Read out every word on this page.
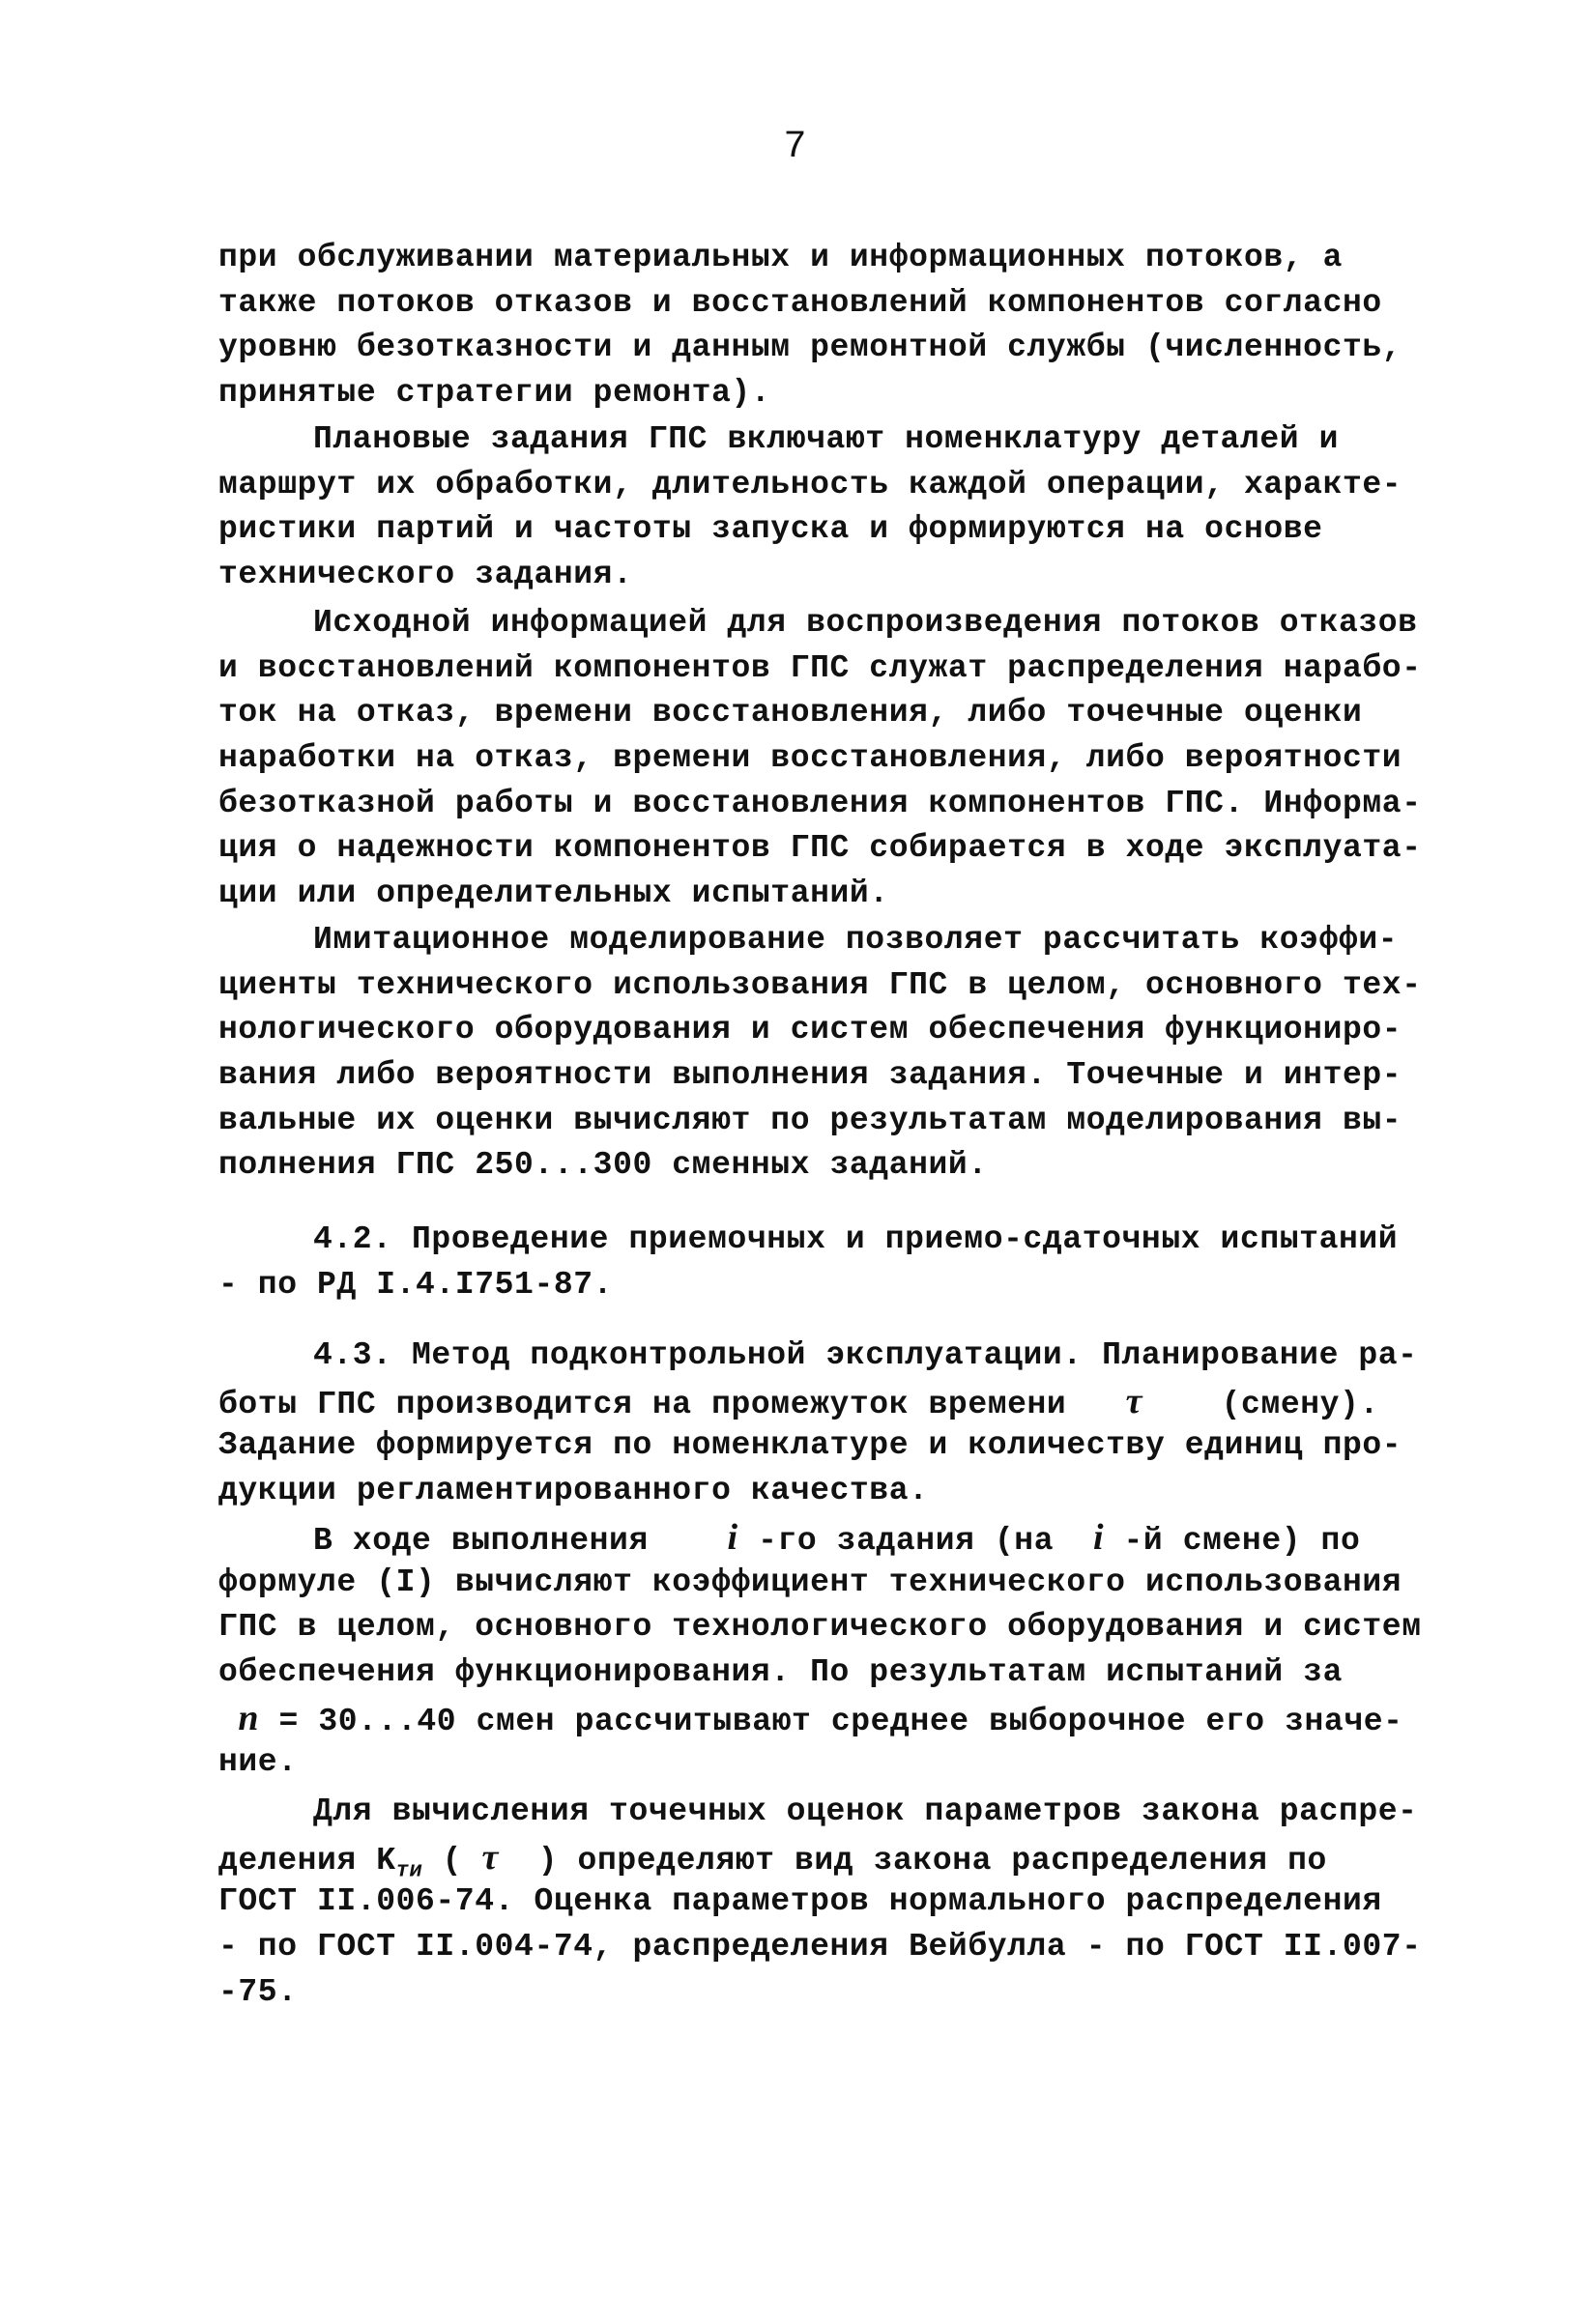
7
при обслуживании материальных и информационных потоков, а
также потоков отказов и восстановлений компонентов согласно
уровню безотказности и данным ремонтной службы (численность,
принятые стратегии ремонта).
Плановые задания ГПС включают номенклатуру деталей и
маршрут их обработки, длительность каждой операции, характе-
ристики партий и частоты запуска и формируются на основе
технического задания.
Исходной информацией для воспроизведения потоков отказов
и восстановлений компонентов ГПС служат распределения нарабо-
ток на отказ, времени восстановления, либо точечные оценки
наработки на отказ, времени восстановления, либо вероятности
безотказной работы и восстановления компонентов ГПС. Информа-
ция о надежности компонентов ГПС собирается в ходе эксплуата-
ции или определительных испытаний.
Имитационное моделирование позволяет рассчитать коэффи-
циенты технического использования ГПС в целом, основного тех-
нологического оборудования и систем обеспечения функциониро-
вания либо вероятности выполнения задания. Точечные и интер-
вальные их оценки вычисляют по результатам моделирования вы-
полнения ГПС 250...300 сменных заданий.
4.2. Проведение приемочных и приемо-сдаточных испытаний
- по РД I.4.I751-87.
4.3. Метод подконтрольной эксплуатации. Планирование ра-
боты ГПС производится на промежуток времени τ (смену).
Задание формируется по номенклатуре и количеству единиц про-
дукции регламентированного качества.
В ходе выполнения i -го задания (на i -й смене) по
формуле (I) вычисляют коэффициент технического использования
ГПС в целом, основного технологического оборудования и систем
обеспечения функционирования. По результатам испытаний за
n = 30...40 смен рассчитывают среднее выборочное его значе-
ние.
Для вычисления точечных оценок параметров закона распре-
деления $K_{ти}$ ( τ ) определяют вид закона распределения по
ГОСТ II.006-74. Оценка параметров нормального распределения
- по ГОСТ II.004-74, распределения Вейбулла - по ГОСТ II.007-
-75.
